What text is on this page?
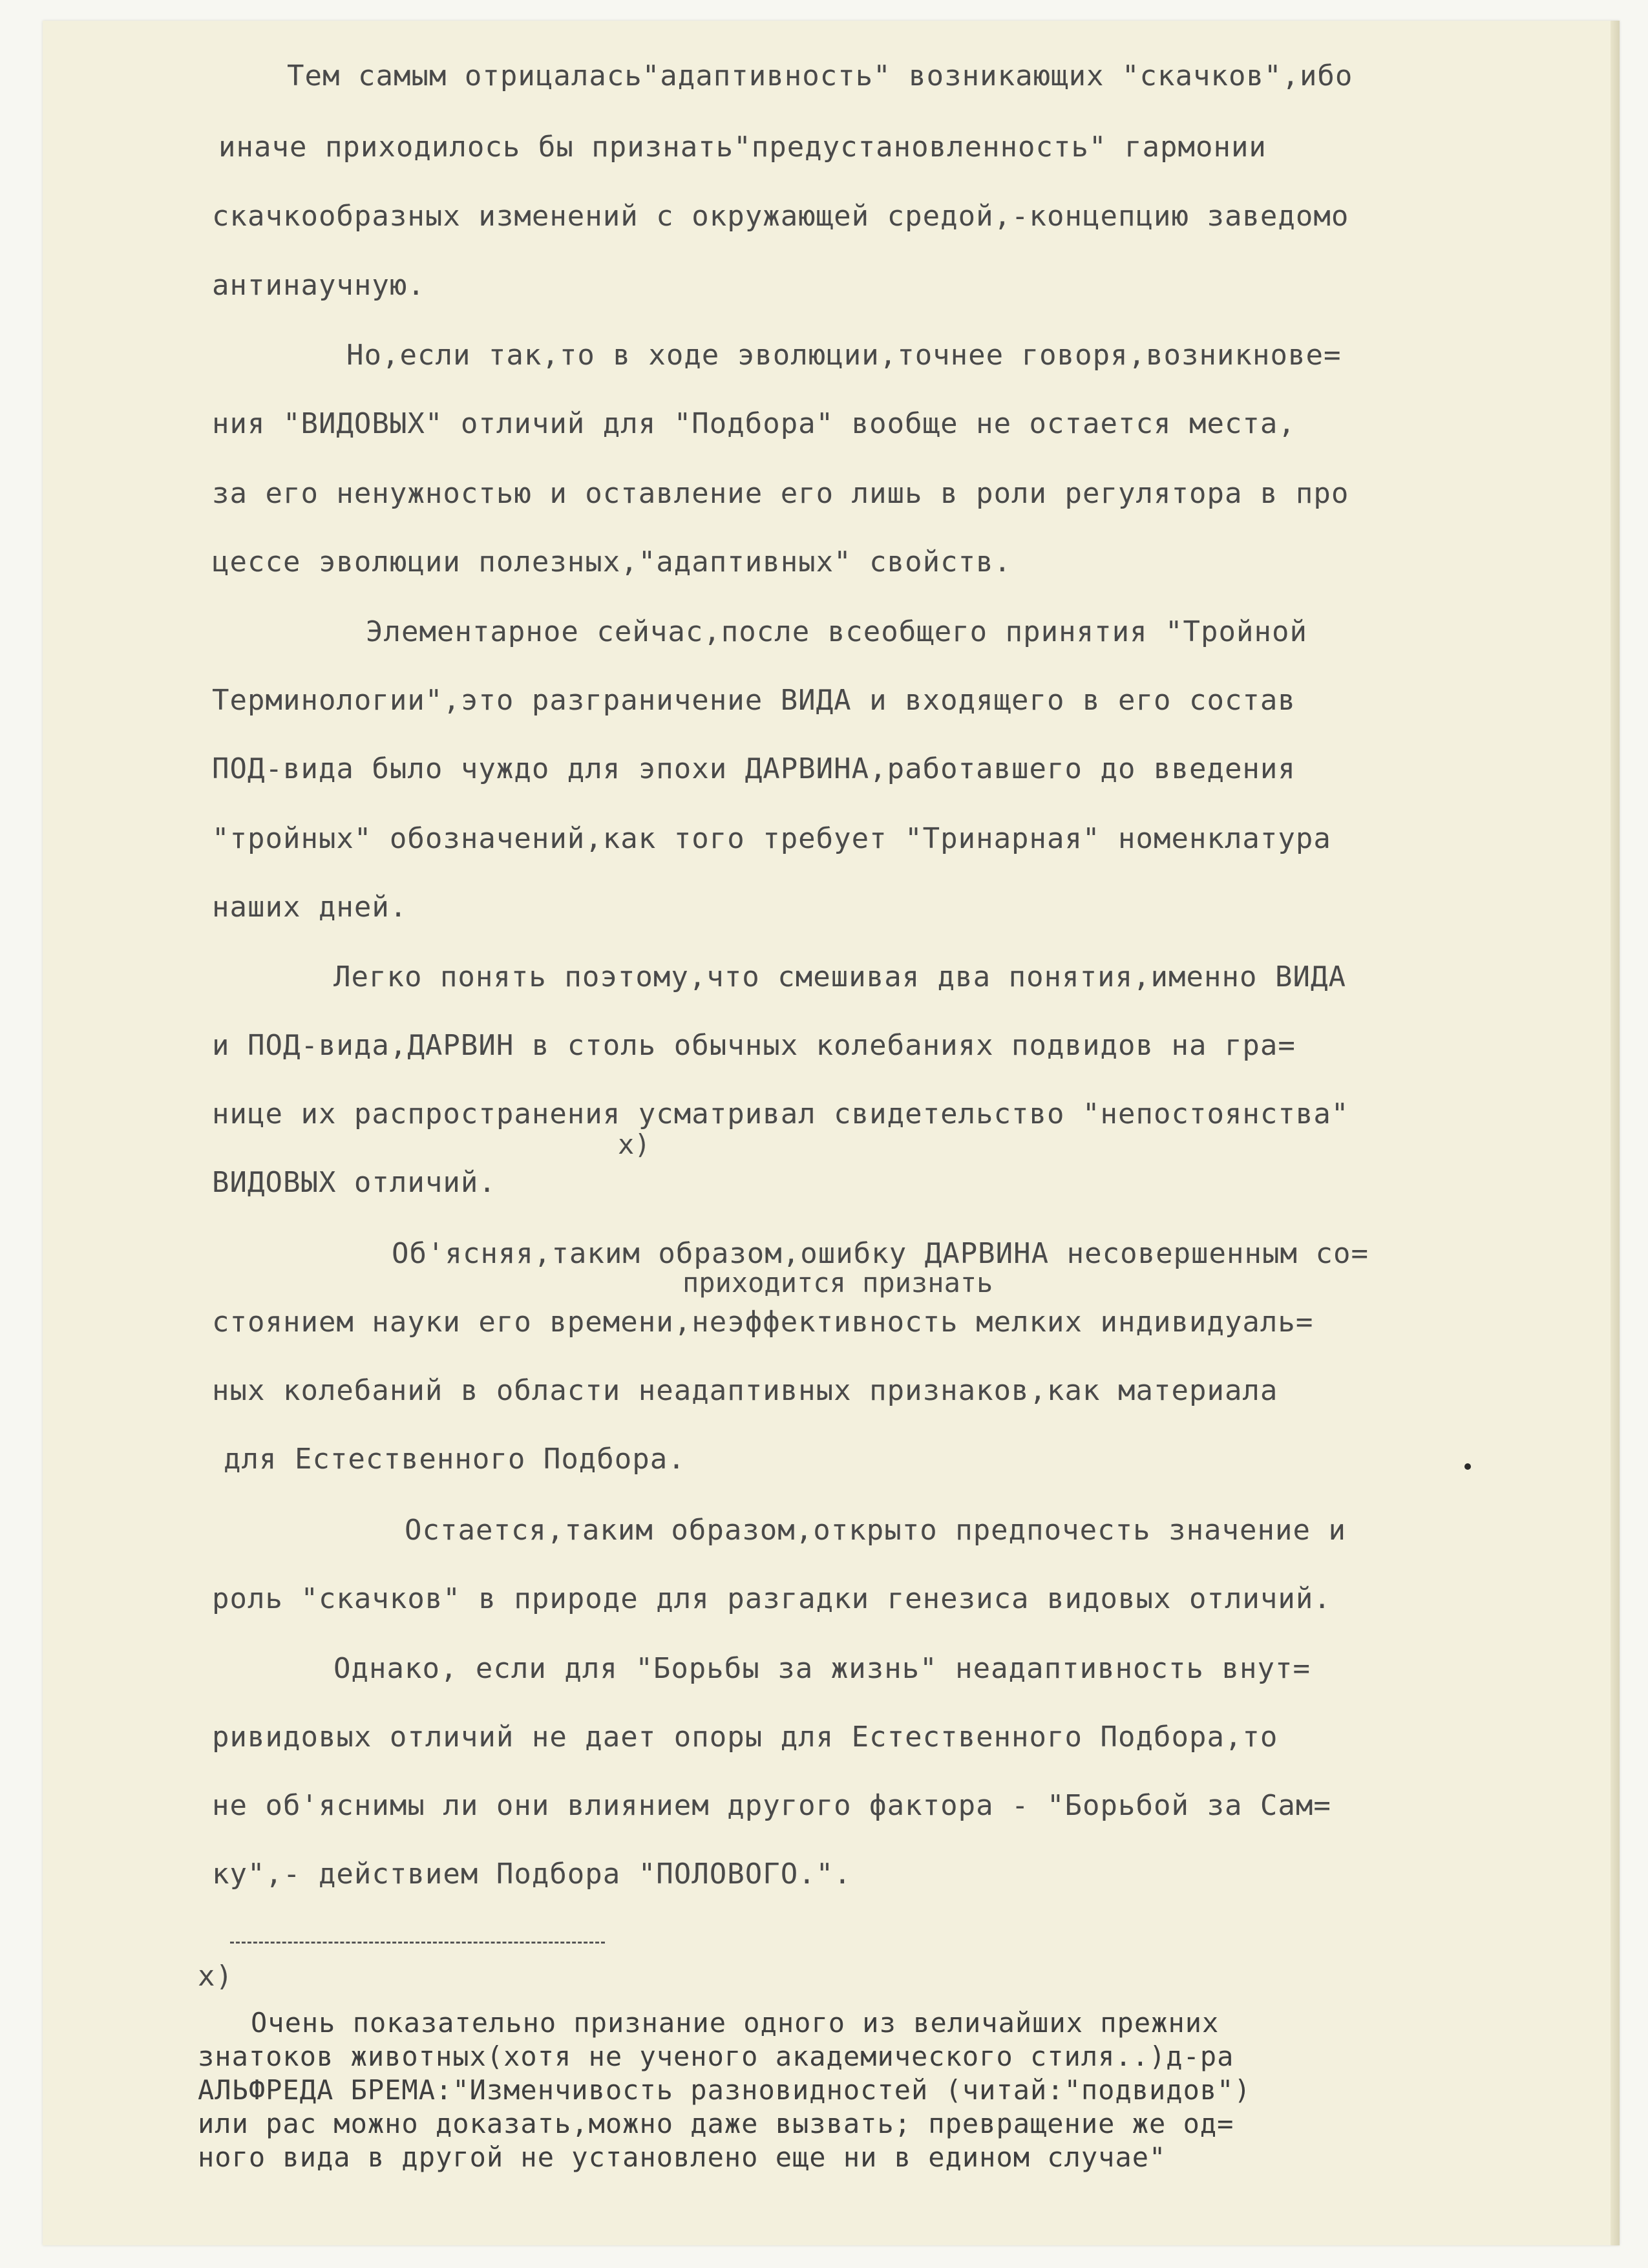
Тем самым отрицалась"адаптивность" возникающих "скачков",ибо
иначе приходилось бы признать"предустановленность" гармонии
скачкообразных изменений с окружающей средой,-концепцию заведомо
антинаучную.
Но,если так,то в ходе эволюции,точнее говоря,возникнове=
ния "ВИДОВЫХ" отличий для "Подбора" вообще не остается места,
за его ненужностью и оставление его лишь в роли регулятора в про
цессе эволюции полезных,"адаптивных" свойств.
Элементарное сейчас,после всеобщего принятия "Тройной
Терминологии",это разграничение ВИДА и входящего в его состав
ПОД-вида было чуждо для эпохи ДАРВИНА,работавшего до введения
"тройных" обозначений,как того требует "Тринарная" номенклатура
наших дней.
Легко понять поэтому,что смешивая два понятия,именно ВИДА
и ПОД-вида,ДАРВИН в столь обычных колебаниях подвидов на гра=
нице их распространения усматривал свидетельство "непостоянства"
x)
ВИДОВЫХ отличий.
Об'ясняя,таким образом,ошибку ДАРВИНА несовершенным со=
приходится признать
стоянием науки его времени,неэффективность мелких индивидуаль=
ных колебаний в области неадаптивных признаков,как материала
для Естественного Подбора.
Остается,таким образом,открыто предпочесть значение и
роль "скачков" в природе для разгадки генезиса видовых отличий.
Однако, если для "Борьбы за жизнь" неадаптивность внут=
ривидовых отличий не дает опоры для Естественного Подбора,то
не об'яснимы ли они влиянием другого фактора - "Борьбой за Сам=
ку",- действием Подбора "ПОЛОВОГО.".
x)
Очень показательно признание одного из величайших прежних
знатоков животных(хотя не ученого академического стиля..)д-ра
АЛЬФРЕДА БРЕМА:"Изменчивость разновидностей (читай:"подвидов")
или рас можно доказать,можно даже вызвать; превращение же од=
ного вида в другой не установлено еще ни в едином случае"
